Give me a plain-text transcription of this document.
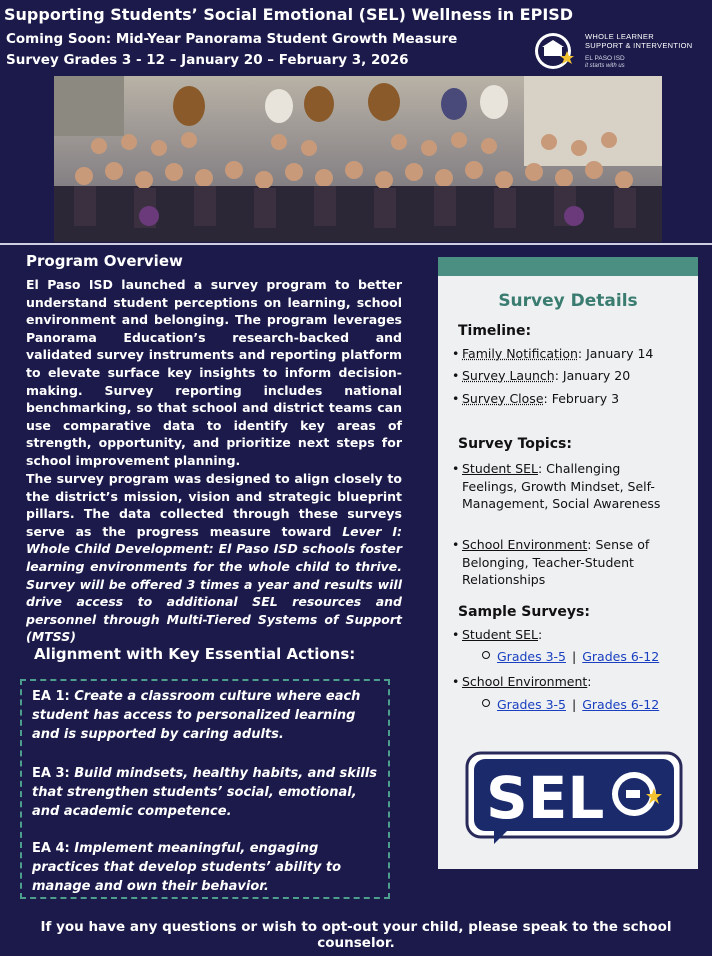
Supporting Students’ Social Emotional (SEL) Wellness in EPISD
Coming Soon: Mid-Year Panorama Student Growth Measure
Survey Grades 3 - 12 – January 20 – February 3, 2026
WHOLE LEARNER
SUPPORT & INTERVENTION
EL PASO ISD
it starts with us
Program Overview
El Paso ISD launched a survey program to better understand student perceptions on learning, school environment and belonging. The program leverages Panorama Education’s research-backed and validated survey instruments and reporting platform to elevate surface key insights to inform decision-making. Survey reporting includes national benchmarking, so that school and district teams can use comparative data to identify key areas of strength, opportunity, and prioritize next steps for school improvement planning.
The survey program was designed to align closely to the district’s mission, vision and strategic blueprint pillars. The data collected through these surveys serve as the progress measure toward Lever I: Whole Child Development: El Paso ISD schools foster learning environments for the whole child to thrive. Survey will be offered 3 times a year and results will drive access to additional SEL resources and personnel through Multi-Tiered Systems of Support (MTSS)
Alignment with Key Essential Actions:
EA 1: Create a classroom culture where each student has access to personalized learning and is supported by caring adults.
EA 3: Build mindsets, healthy habits, and skills that strengthen students’ social, emotional, and academic competence.
EA 4: Implement meaningful, engaging practices that develop students’ ability to manage and own their behavior.
Survey Details
Timeline:
• Family Notification: January 14
• Survey Launch: January 20
• Survey Close: February 3
Survey Topics:
• Student SEL: Challenging Feelings, Growth Mindset, Self-Management, Social Awareness
• School Environment: Sense of Belonging, Teacher-Student Relationships
Sample Surveys:
• Student SEL:
Grades 3-5 | Grades 6-12
• School Environment:
Grades 3-5 | Grades 6-12
SEL
If you have any questions or wish to opt-out your child, please speak to the school counselor.
